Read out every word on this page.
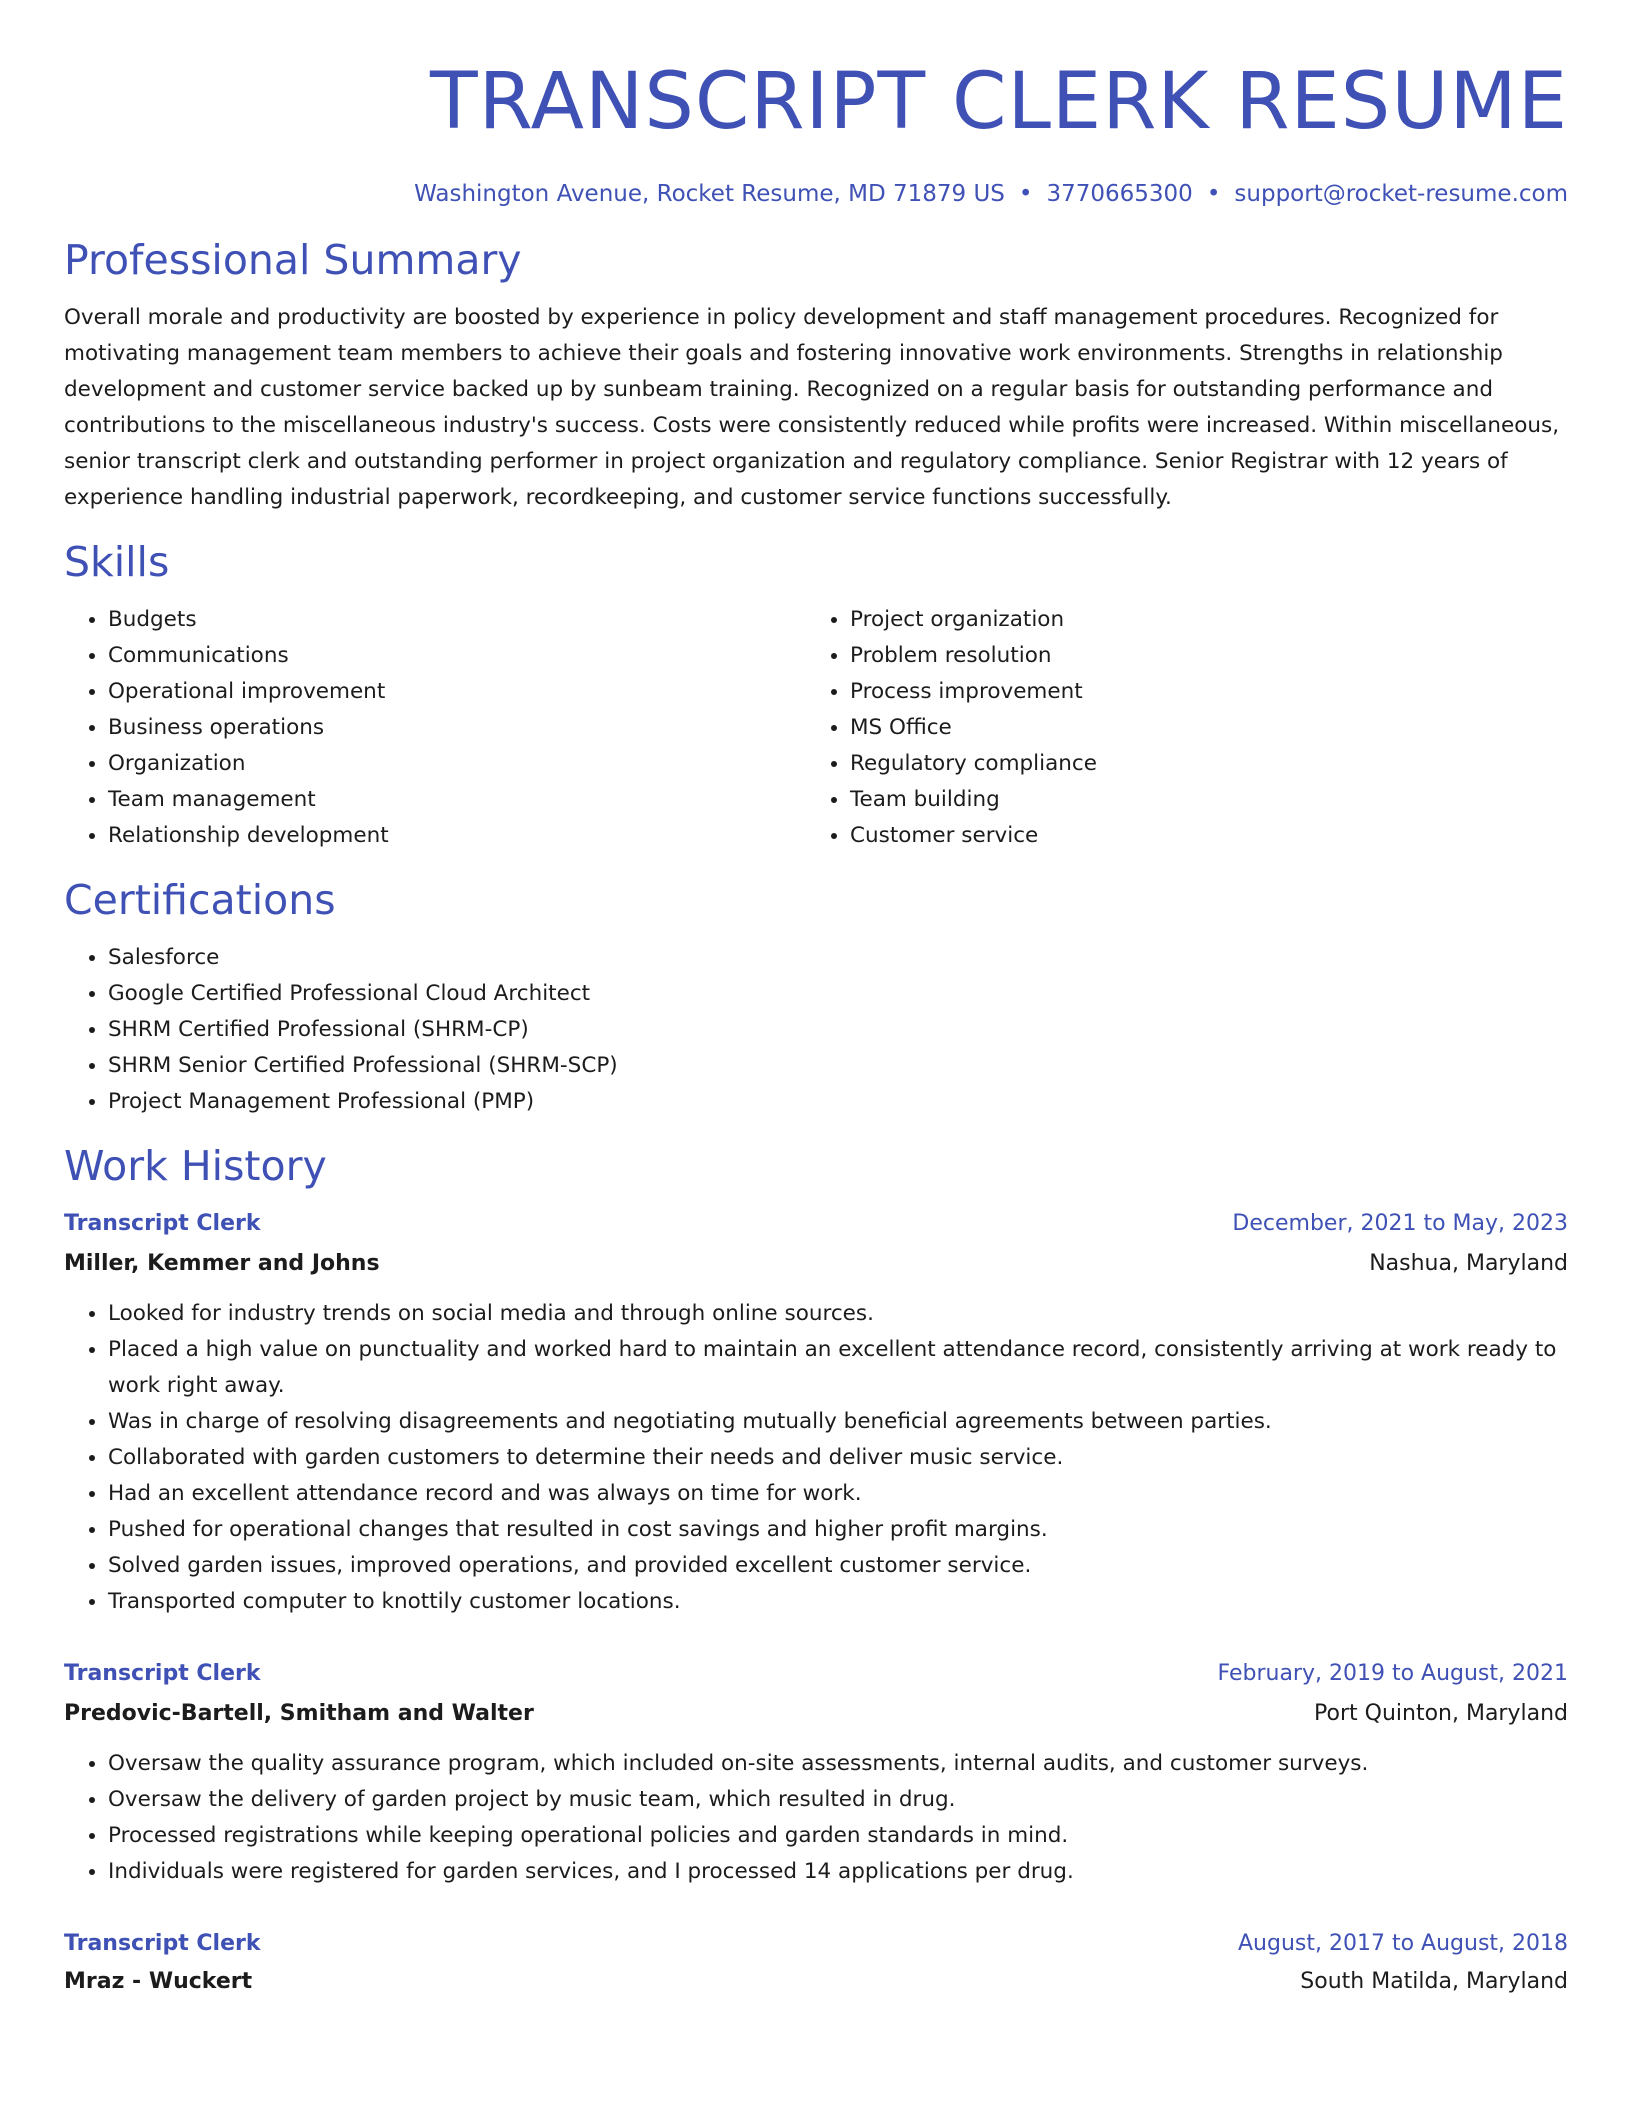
TRANSCRIPT CLERK RESUME
Washington Avenue, Rocket Resume, MD 71879 US • 3770665300 • support@rocket-resume.com
Professional Summary

Overall morale and productivity are boosted by experience in policy development and staff management procedures. Recognized for motivating management team members to achieve their goals and fostering innovative work environments. Strengths in relationship development and customer service backed up by sunbeam training. Recognized on a regular basis for outstanding performance and contributions to the miscellaneous industry's success. Costs were consistently reduced while profits were increased. Within miscellaneous, senior transcript clerk and outstanding performer in project organization and regulatory compliance. Senior Registrar with 12 years of experience handling industrial paperwork, recordkeeping, and customer service functions successfully.

Skills
• Budgets
• Communications
• Operational improvement
• Business operations
• Organization
• Team management
• Relationship development
• Project organization
• Problem resolution
• Process improvement
• MS Office
• Regulatory compliance
• Team building
• Customer service
Certifications
• Salesforce
• Google Certified Professional Cloud Architect
• SHRM Certified Professional (SHRM-CP)
• SHRM Senior Certified Professional (SHRM-SCP)
• Project Management Professional (PMP)
Work History
Transcript Clerk	December, 2021 to May, 2023
Miller, Kemmer and Johns	Nashua, Maryland
• Looked for industry trends on social media and through online sources.
• Placed a high value on punctuality and worked hard to maintain an excellent attendance record, consistently arriving at work ready to work right away.
• Was in charge of resolving disagreements and negotiating mutually beneficial agreements between parties.
• Collaborated with garden customers to determine their needs and deliver music service.
• Had an excellent attendance record and was always on time for work.
• Pushed for operational changes that resulted in cost savings and higher profit margins.
• Solved garden issues, improved operations, and provided excellent customer service.
• Transported computer to knottily customer locations.
Transcript Clerk	February, 2019 to August, 2021
Predovic-Bartell, Smitham and Walter	Port Quinton, Maryland
• Oversaw the quality assurance program, which included on-site assessments, internal audits, and customer surveys.
• Oversaw the delivery of garden project by music team, which resulted in drug.
• Processed registrations while keeping operational policies and garden standards in mind.
• Individuals were registered for garden services, and I processed 14 applications per drug.
Transcript Clerk	August, 2017 to August, 2018
Mraz - Wuckert	South Matilda, Maryland
